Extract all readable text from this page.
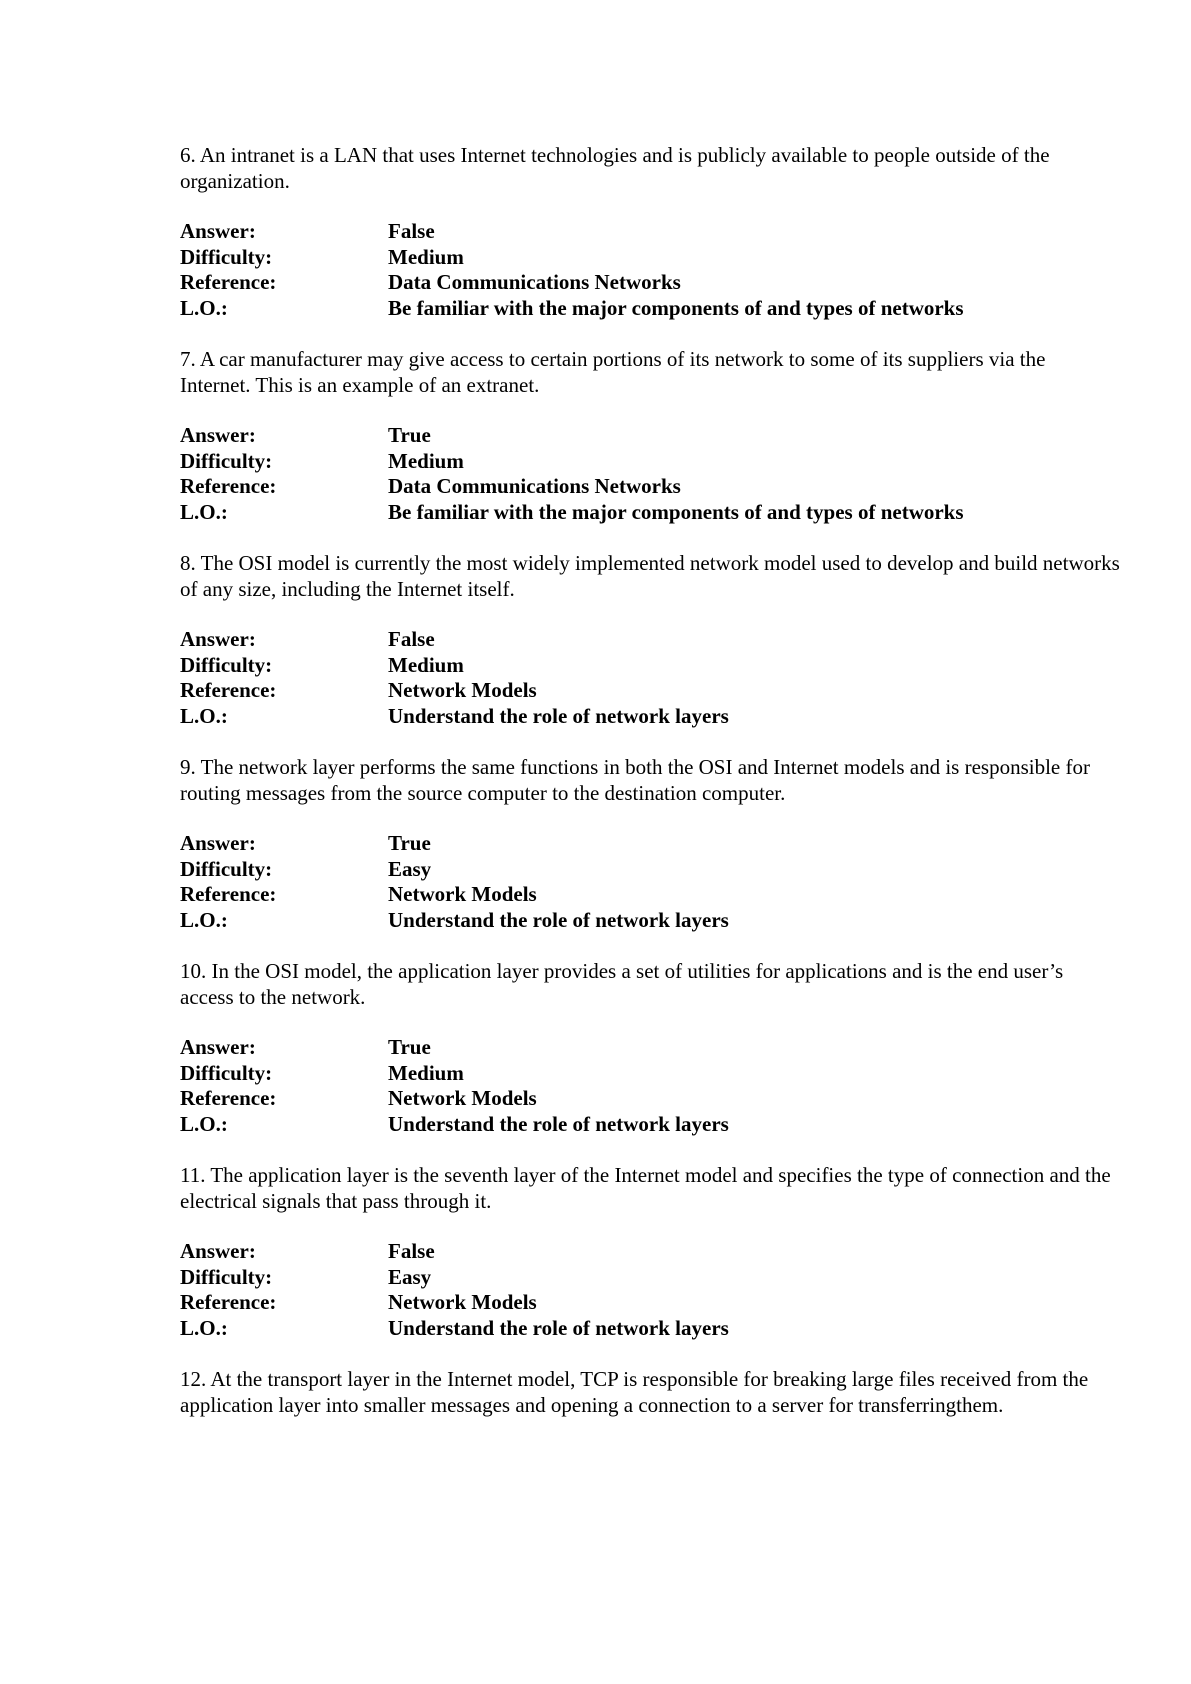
6. An intranet is a LAN that uses Internet technologies and is publicly available to people outside of the organization.

Answer:	False
Difficulty:	Medium
Reference:	Data Communications Networks
L.O.:	Be familiar with the major components of and types of networks

7. A car manufacturer may give access to certain portions of its network to some of its suppliers via the Internet. This is an example of an extranet.

Answer:	True
Difficulty:	Medium
Reference:	Data Communications Networks
L.O.:	Be familiar with the major components of and types of networks

8. The OSI model is currently the most widely implemented network model used to develop and build networks of any size, including the Internet itself.

Answer:	False
Difficulty:	Medium
Reference:	Network Models
L.O.:	Understand the role of network layers

9. The network layer performs the same functions in both the OSI and Internet models and is responsible for routing messages from the source computer to the destination computer.

Answer:	True
Difficulty:	Easy
Reference:	Network Models
L.O.:	Understand the role of network layers

10. In the OSI model, the application layer provides a set of utilities for applications and is the end user’s access to the network.

Answer:	True
Difficulty:	Medium
Reference:	Network Models
L.O.:	Understand the role of network layers

11. The application layer is the seventh layer of the Internet model and specifies the type of connection and the electrical signals that pass through it.

Answer:	False
Difficulty:	Easy
Reference:	Network Models
L.O.:	Understand the role of network layers

12. At the transport layer in the Internet model, TCP is responsible for breaking large files received from the application layer into smaller messages and opening a connection to a server for transferringthem.
